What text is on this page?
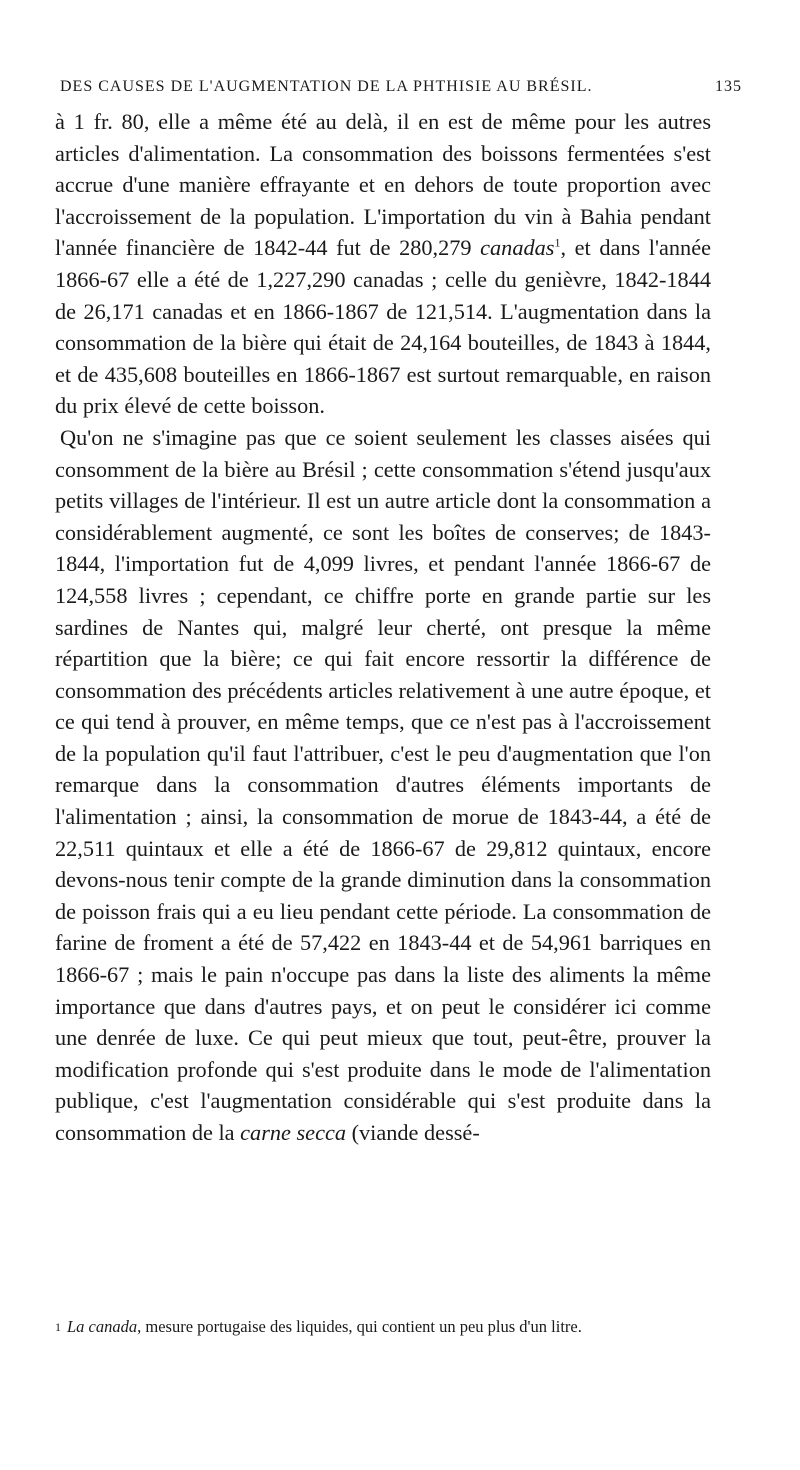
DES CAUSES DE L'AUGMENTATION DE LA PHTHISIE AU BRÉSIL.	135

à 1 fr. 80, elle a même été au delà, il en est de même pour les autres articles d'alimentation. La consommation des boissons fermentées s'est accrue d'une manière effrayante et en dehors de toute proportion avec l'accroissement de la population. L'importation du vin à Bahia pendant l'année financière de 1842-44 fut de 280,279 canadas$^1$, et dans l'année 1866-67 elle a été de 1,227,290 canadas ; celle du genièvre, 1842-1844 de 26,171 canadas et en 1866-1867 de 121,514. L'augmentation dans la consommation de la bière qui était de 24,164 bouteilles, de 1843 à 1844, et de 435,608 bouteilles en 1866-1867 est surtout remarquable, en raison du prix élevé de cette boisson.

Qu'on ne s'imagine pas que ce soient seulement les classes aisées qui consomment de la bière au Brésil ; cette consommation s'étend jusqu'aux petits villages de l'intérieur. Il est un autre article dont la consommation a considérablement augmenté, ce sont les boîtes de conserves; de 1843-1844, l'importation fut de 4,099 livres, et pendant l'année 1866-67 de 124,558 livres ; cependant, ce chiffre porte en grande partie sur les sardines de Nantes qui, malgré leur cherté, ont presque la même répartition que la bière; ce qui fait encore ressortir la différence de consommation des précédents articles relativement à une autre époque, et ce qui tend à prouver, en même temps, que ce n'est pas à l'accroissement de la population qu'il faut l'attribuer, c'est le peu d'augmentation que l'on remarque dans la consommation d'autres éléments importants de l'alimentation ; ainsi, la consommation de morue de 1843-44, a été de 22,511 quintaux et elle a été de 1866-67 de 29,812 quintaux, encore devons-nous tenir compte de la grande diminution dans la consommation de poisson frais qui a eu lieu pendant cette période. La consommation de farine de froment a été de 57,422 en 1843-44 et de 54,961 barriques en 1866-67 ; mais le pain n'occupe pas dans la liste des aliments la même importance que dans d'autres pays, et on peut le considérer ici comme une denrée de luxe. Ce qui peut mieux que tout, peut-être, prouver la modification profonde qui s'est produite dans le mode de l'alimentation publique, c'est l'augmentation considérable qui s'est produite dans la consommation de la carne secca (viande dessé-

$^1$ La canada, mesure portugaise des liquides, qui contient un peu plus d'un litre.
